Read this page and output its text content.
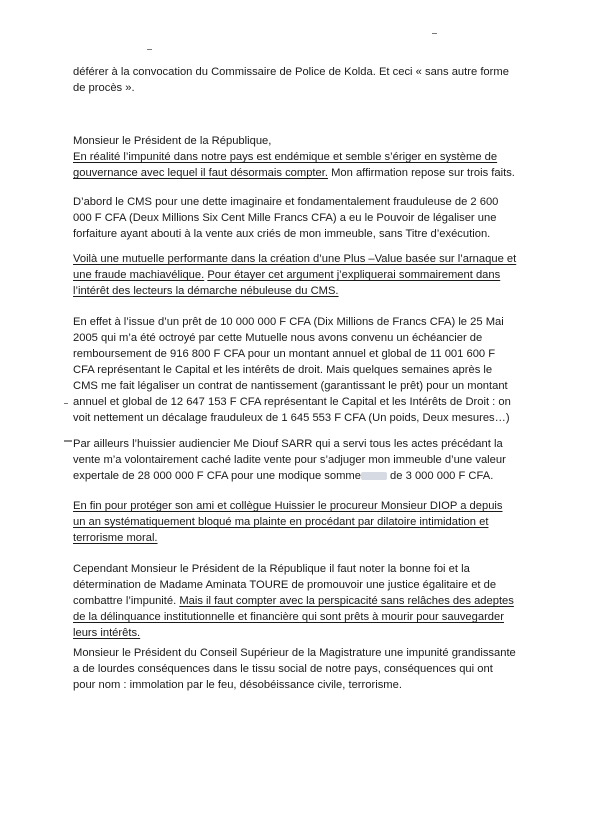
déférer à la convocation du Commissaire de Police de Kolda. Et ceci « sans autre forme de procès ».
Monsieur le Président de la République,
En réalité l’impunité dans notre pays est endémique et semble s’ériger en système de gouvernance avec lequel il faut désormais compter. Mon affirmation repose sur trois faits.
D’abord le CMS pour une dette imaginaire et fondamentalement frauduleuse de 2 600 000 F CFA (Deux Millions Six Cent Mille Francs CFA) a eu le Pouvoir de légaliser une forfaiture ayant abouti à la vente aux criés de mon immeuble, sans Titre d’exécution.
Voilà une mutuelle performante dans la création d’une Plus –Value basée sur l’arnaque et une fraude machiavélique. Pour étayer cet argument j’expliquerai sommairement dans l’intérêt des lecteurs la démarche nébuleuse du CMS.
En effet à l’issue d’un prêt de 10 000 000 F CFA (Dix Millions de Francs CFA) le 25 Mai 2005 qui m’a été octroyé par cette Mutuelle nous avons convenu un échéancier de remboursement de 916 800 F CFA pour un montant annuel et global de 11 001 600 F CFA représentant le Capital et les intérêts de droit. Mais quelques semaines après le CMS me fait légaliser un contrat de nantissement (garantissant le prêt) pour un montant annuel et global de 12 647 153 F CFA représentant le Capital et les Intérêts de Droit : on voit nettement un décalage frauduleux de 1 645 553 F CFA (Un poids, Deux mesures…)
Par ailleurs l’huissier audiencier Me Diouf SARR qui a servi tous les actes précédant la vente m’a volontairement caché ladite vente pour s’adjuger mon immeuble d’une valeur expertale de 28 000 000 F CFA pour une modique somme de 3 000 000 F CFA.
En fin pour protéger son ami et collègue Huissier le procureur Monsieur DIOP a depuis un an systématiquement bloqué ma plainte en procédant par dilatoire intimidation et terrorisme moral.
Cependant Monsieur le Président de la République il faut noter la bonne foi et la détermination de Madame Aminata TOURE de promouvoir une justice égalitaire et de combattre l’impunité. Mais il faut compter avec la perspicacité sans relâches des adeptes de la délinquance institutionnelle et financière qui sont prêts à mourir pour sauvegarder leurs intérêts.
Monsieur le Président du Conseil Supérieur de la Magistrature une impunité grandissante a de lourdes conséquences dans le tissu social de notre pays, conséquences qui ont pour nom : immolation par le feu, désobéissance civile, terrorisme.
